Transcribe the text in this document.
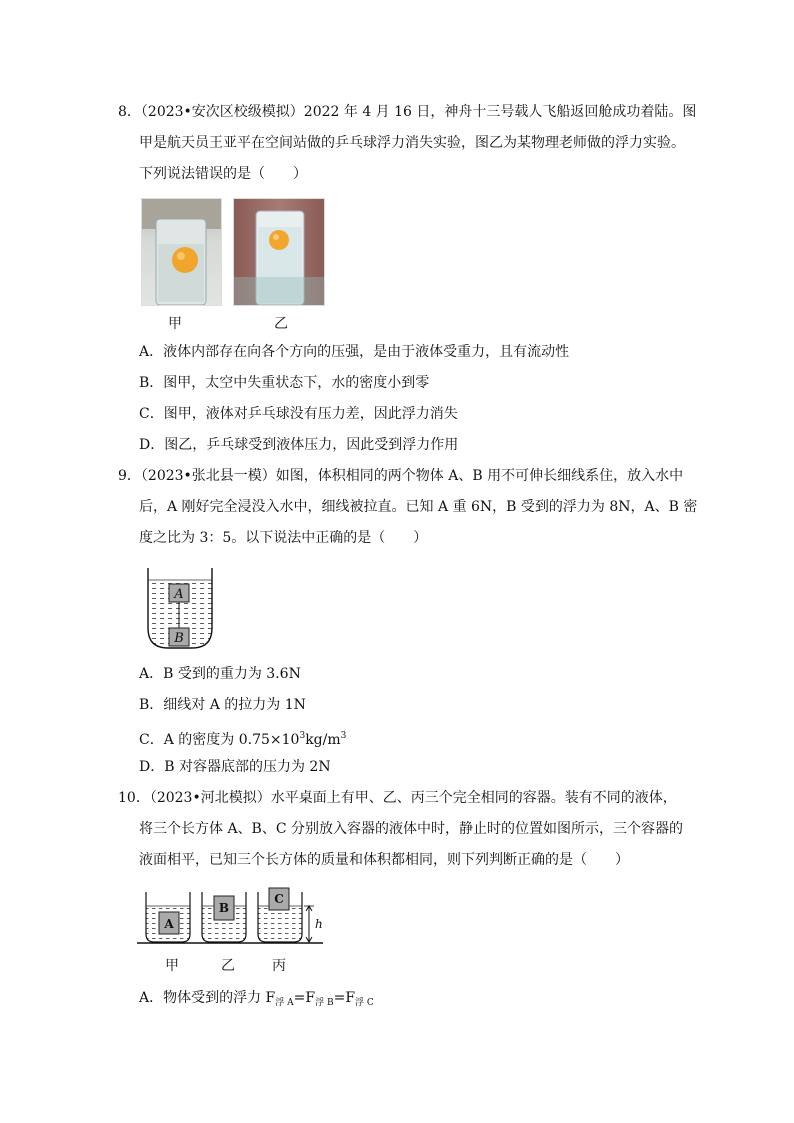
8．（2023•安次区校级模拟）2022 年 4 月 16 日，神舟十三号载人飞船返回舱成功着陆。图
甲是航天员王亚平在空间站做的乒乓球浮力消失实验，图乙为某物理老师做的浮力实验。
下列说法错误的是（　　）
甲	乙
A．液体内部存在向各个方向的压强，是由于液体受重力，且有流动性
B．图甲，太空中失重状态下，水的密度小到零
C．图甲，液体对乒乓球没有压力差，因此浮力消失
D．图乙，乒乓球受到液体压力，因此受到浮力作用
9．（2023•张北县一模）如图，体积相同的两个物体 A、B 用不可伸长细线系住，放入水中
后，A 刚好完全浸没入水中，细线被拉直。已知 A 重 6N，B 受到的浮力为 8N，A、B 密
度之比为 3：5。以下说法中正确的是（　　）
A
B
A．B 受到的重力为 3.6N
B．细线对 A 的拉力为 1N
C．A 的密度为 $0.75\times 10^3kg/m^3$
D．B 对容器底部的压力为 2N
10．（2023•河北模拟）水平桌面上有甲、乙、丙三个完全相同的容器。装有不同的液体，
将三个长方体 A、B、C 分别放入容器的液体中时，静止时的位置如图所示，三个容器的
液面相平，已知三个长方体的质量和体积都相同，则下列判断正确的是（　　）
A
B
C
h
甲	乙	丙
A．物体受到的浮力 $F_{浮 A}=F_{浮 B}=F_{浮 C}$
